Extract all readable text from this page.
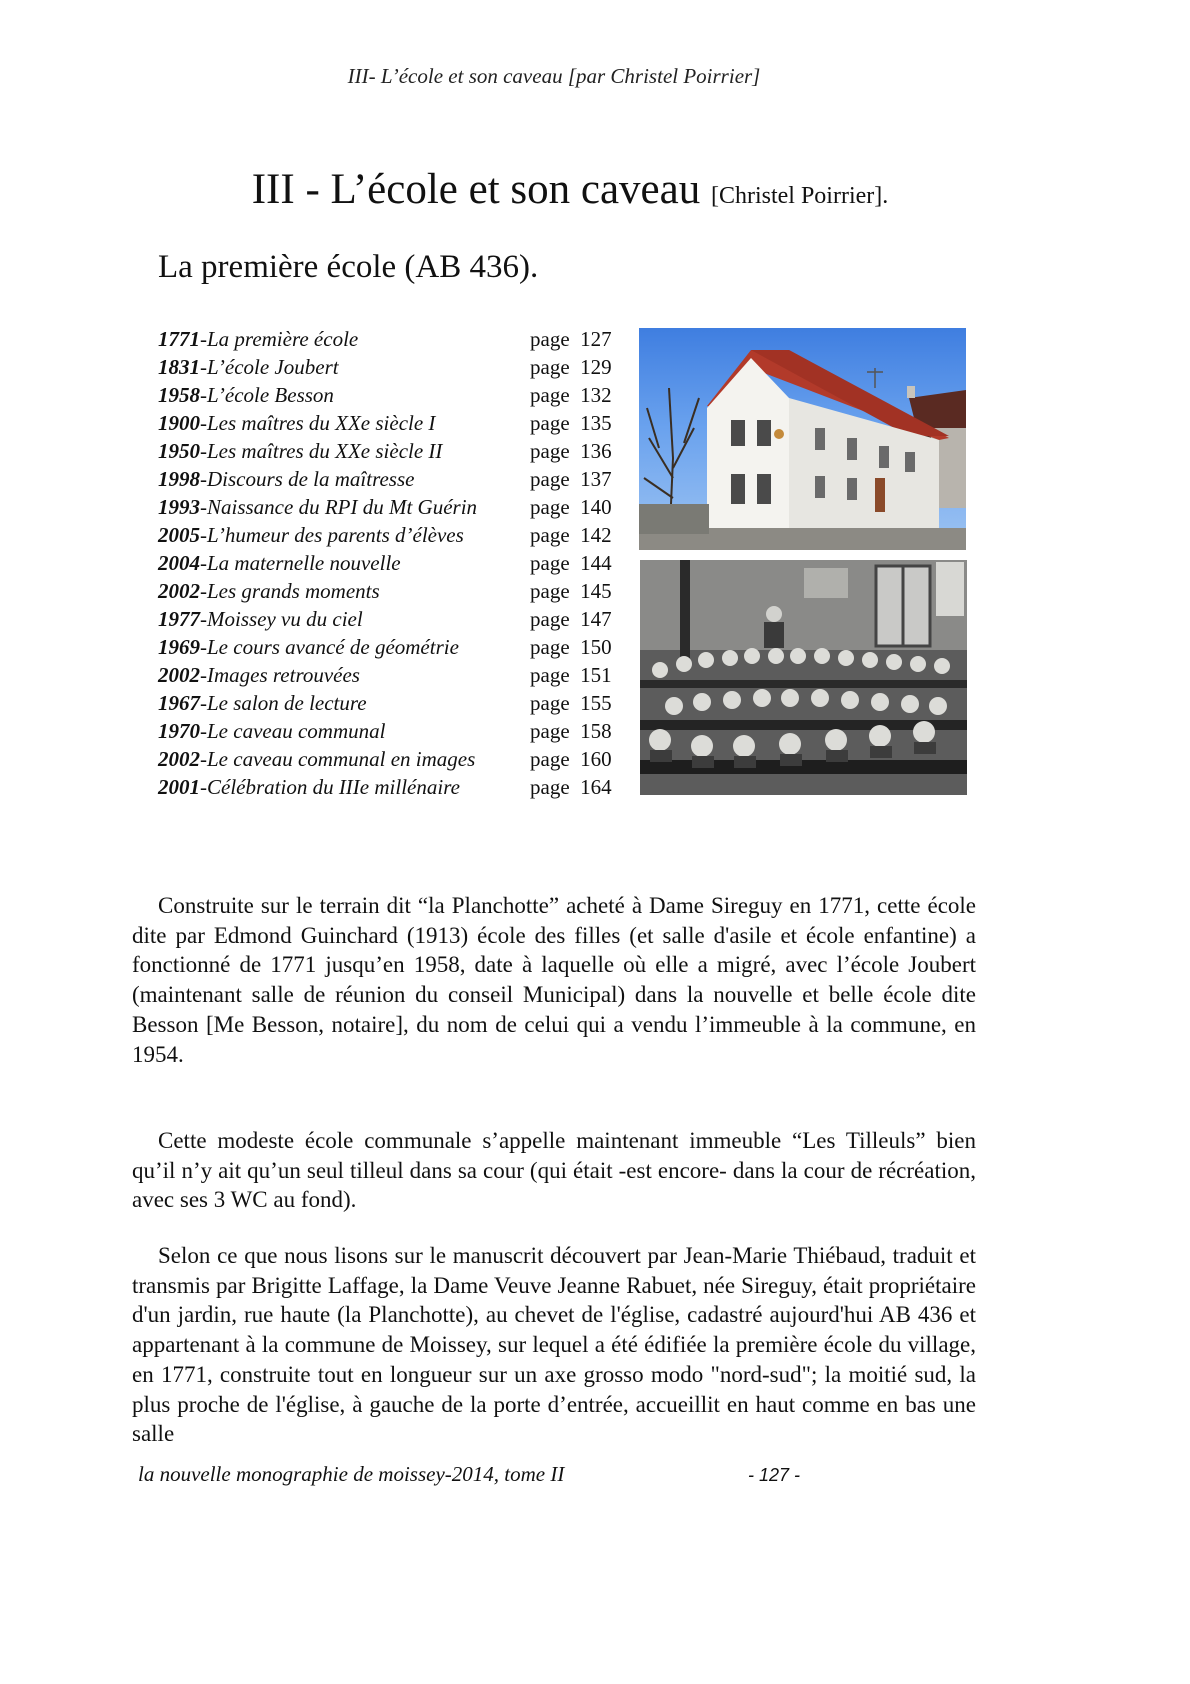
III- L’école et son caveau [par Christel Poirrier]
III - L’école et son caveau [Christel Poirrier].
La première école (AB 436).
1771-La première école	page 127
1831-L’école Joubert	page 129
1958-L’école Besson	page 132
1900-Les maîtres du XXe siècle I	page 135
1950-Les maîtres du XXe siècle II	page 136
1998-Discours de la maîtresse	page 137
1993-Naissance du RPI du Mt Guérin	page 140
2005-L’humeur des parents d’élèves	page 142
2004-La maternelle nouvelle	page 144
2002-Les grands moments	page 145
1977-Moissey vu du ciel	page 147
1969-Le cours avancé de géométrie	page 150
2002-Images retrouvées	page 151
1967-Le salon de lecture	page 155
1970-Le caveau communal	page 158
2002-Le caveau communal en images	page 160
2001-Célébration du IIIe millénaire	page 164

Construite sur le terrain dit “la Planchotte” acheté à Dame Sireguy en 1771, cette école dite par Edmond Guinchard (1913) école des filles (et salle d'asile et école enfantine) a fonctionné de 1771 jusqu’en 1958, date à laquelle où elle a migré, avec l’école Joubert (maintenant salle de réunion du conseil Municipal) dans la nouvelle et belle école dite Besson [Me Besson, notaire], du nom de celui qui a vendu l’immeuble à la commune, en 1954.

Cette modeste école communale s’appelle maintenant immeuble “Les Tilleuls” bien qu’il n’y ait qu’un seul tilleul dans sa cour (qui était -est encore- dans la cour de récréation, avec ses 3 WC au fond).

Selon ce que nous lisons sur le manuscrit découvert par Jean-Marie Thiébaud, traduit et transmis par Brigitte Laffage, la Dame Veuve Jeanne Rabuet, née Sireguy, était propriétaire d'un jardin, rue haute (la Planchotte), au chevet de l'église, cadastré aujourd'hui AB 436 et appartenant à la commune de Moissey, sur lequel a été édifiée la première école du village, en 1771, construite tout en longueur sur un axe grosso modo "nord-sud"; la moitié sud, la plus proche de l'église, à gauche de la porte d’entrée, accueillit en haut comme en bas une salle

la nouvelle monographie de moissey-2014, tome II	- 127 -
